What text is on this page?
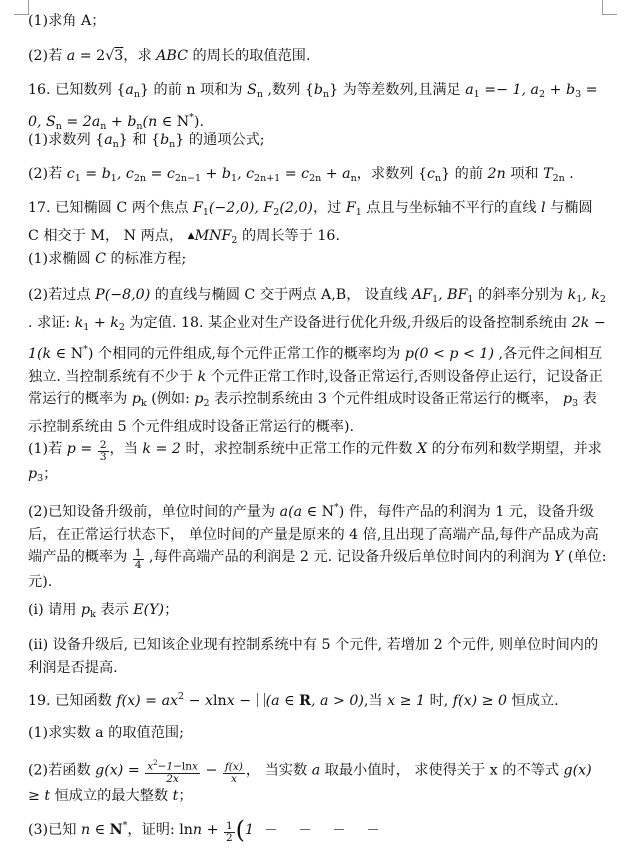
(1)求角 A；

(2)若 a = 2√3，求 ABC 的周长的取值范围.

16. 已知数列 $\{a_n\}$ 的前 n 项和为 $S_n$ ,数列 $\{b_n\}$ 为等差数列,且满足 $a_1 =- 1$, $a_2 + b_3 = 0$, $S_n = 2a_n + b_n(n$ ∈ N*).

(1)求数列 $\{a_n\}$ 和 $\{b_n\}$ 的通项公式;

(2)若 $c_1 = b_1$, $c_{2n} = c_{2n-1} + b_1$, $c_{2n+1} = c_{2n} + a_n$，求数列 $\{c_n\}$ 的前 2n 项和 $T_{2n}$ .

17. 已知椭圆 C 两个焦点 $F_1(-2,0)$, $F_2(2,0)$，过 $F_1$ 点且与坐标轴不平行的直线 l 与椭圆 C 相交于 M， N 两点， $▲MNF_2$ 的周长等于 16.

(1)求椭圆 C 的标准方程;

(2)若过点 P(−8,0) 的直线与椭圆 C 交于两点 A,B， 设直线 $AF_1$, $BF_1$ 的斜率分别为 $k_1$, $k_2$ . 求证: $k_1 + k_2$ 为定值. 18. 某企业对生产设备进行优化升级,升级后的设备控制系统由 2k − 1(k ∈ N*) 个相同的元件组成,每个元件正常工作的概率均为 p(0 < p < 1) ,各元件之间相互独立. 当控制系统有不少于 k 个元件正常工作时,设备正常运行,否则设备停止运行，记设备正常运行的概率为 $p_k$ (例如: $p_2$ 表示控制系统由 3 个元件组成时设备正常运行的概率， $p_3$ 表示控制系统由 5 个元件组成时设备正常运行的概率).

(1)若 $p = \frac{2}{3}$ ，当 k = 2 时，求控制系统中正常工作的元件数 X 的分布列和数学期望，并求 $p_3$；

(2)已知设备升级前，单位时间的产量为 a(a ∈ N*) 件，每件产品的利润为 1 元，设备升级后，在正常运行状态下， 单位时间的产量是原来的 4 倍,且出现了高端产品,每件产品成为高端产品的概率为 $\frac{1}{4}$ ,每件高端产品的利润是 2 元. 记设备升级后单位时间内的利润为 Y (单位:元).

(i) 请用 $p_k$ 表示 E(Y)；

(ii) 设备升级后, 已知该企业现有控制系统中有 5 个元件, 若增加 2 个元件, 则单位时间内的利润是否提高.

19. 已知函数 $f(x) = ax^2 - xlnx - (a$ ∈ R, a > 0),当 x ≥ 1 时, f(x) ≥ 0 恒成立.

(1)求实数 a 的取值范围;

(2)若函数 $g(x) = \frac{x^2-1-\ln x}{2x} - \frac{f(x)}{x}$ ， 当实数 a 取最小值时， 求使得关于 x 的不等式 g(x) ≥ t 恒成立的最大整数 t；

(3)已知 n ∈ N*，证明: $\ln n + \frac{1}{2} (1$
